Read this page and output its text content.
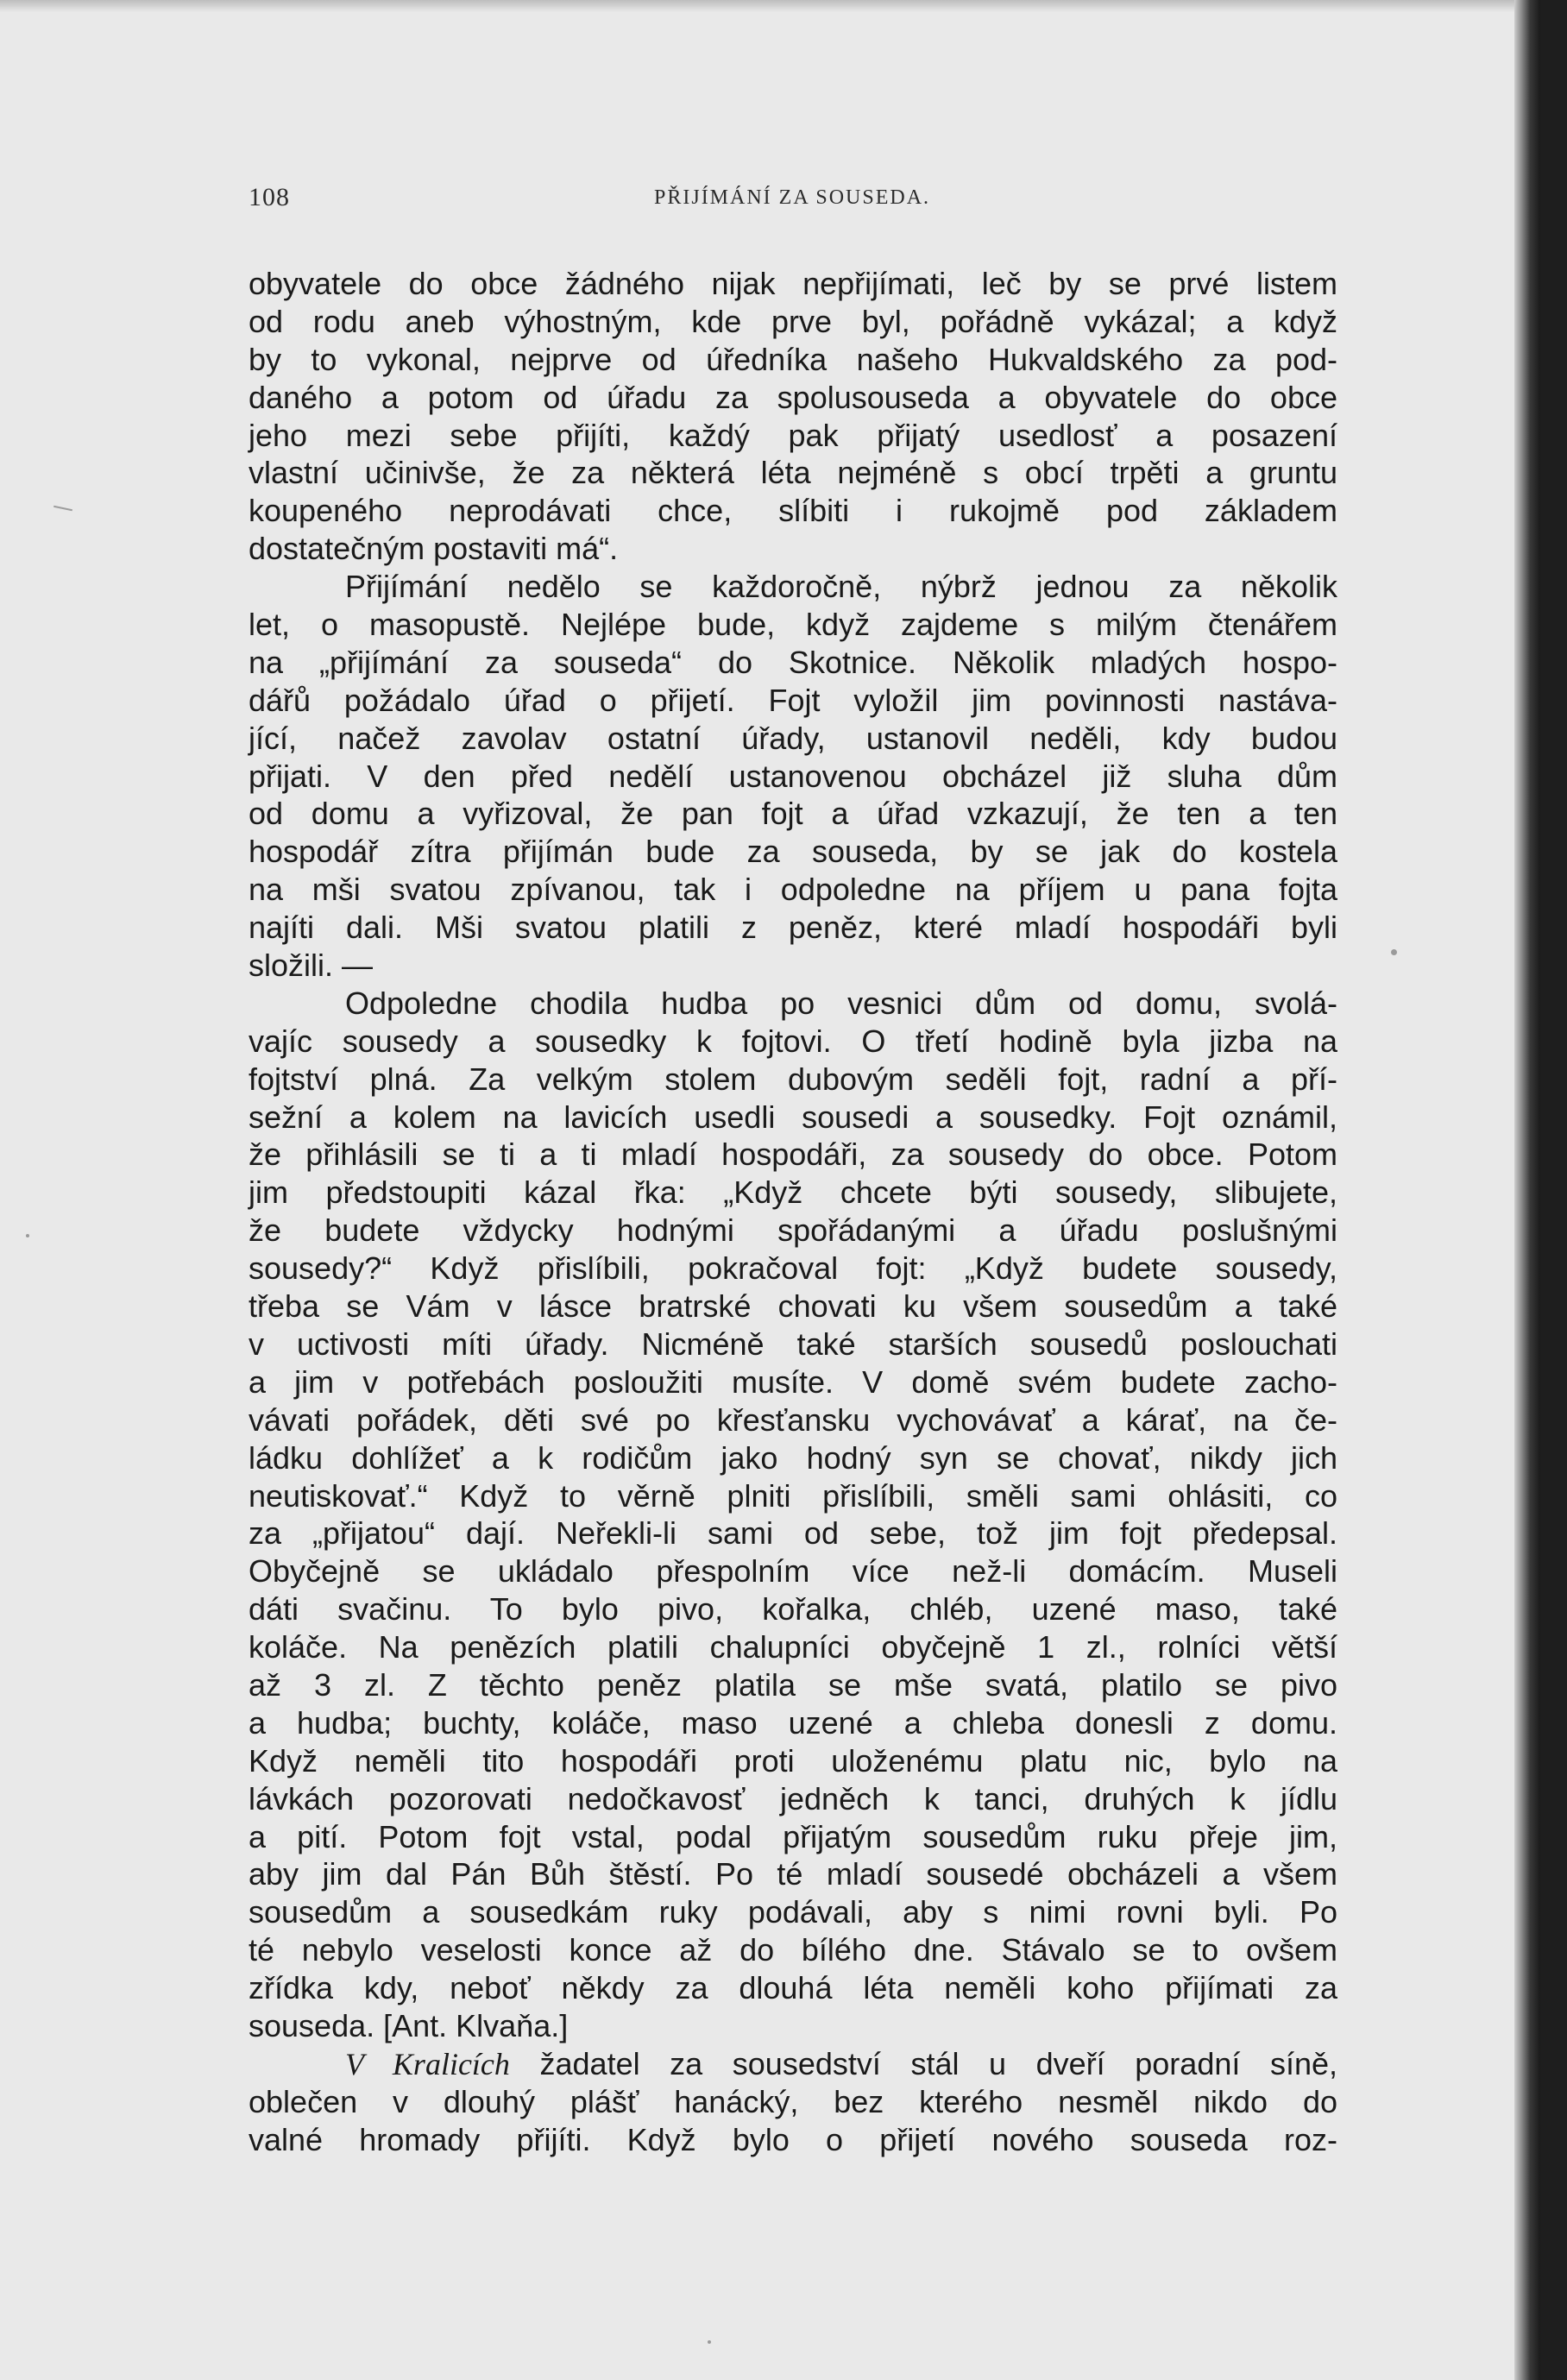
108	PŘIJÍMÁNÍ ZA SOUSEDA.
obyvatele do obce žádného nijak nepřijímati, leč by se prvé listem
od rodu aneb výhostným, kde prve byl, pořádně vykázal; a když
by to vykonal, nejprve od úředníka našeho Hukvaldského za pod-
daného a potom od úřadu za spolusouseda a obyvatele do obce
jeho mezi sebe přijíti, každý pak přijatý usedlosť a posazení
vlastní učinivše, že za některá léta nejméně s obcí trpěti a gruntu
koupeného neprodávati chce, slíbiti i rukojmě pod základem
dostatečným postaviti má“.
Přijímání nedělo se každoročně, nýbrž jednou za několik
let, o masopustě. Nejlépe bude, když zajdeme s milým čtenářem
na „přijímání za souseda“ do Skotnice. Několik mladých hospo-
dářů požádalo úřad o přijetí. Fojt vyložil jim povinnosti nastáva-
jící, načež zavolav ostatní úřady, ustanovil neděli, kdy budou
přijati. V den před nedělí ustanovenou obcházel již sluha dům
od domu a vyřizoval, že pan fojt a úřad vzkazují, že ten a ten
hospodář zítra přijímán bude za souseda, by se jak do kostela
na mši svatou zpívanou, tak i odpoledne na příjem u pana fojta
najíti dali. Mši svatou platili z peněz, které mladí hospodáři byli
složili. —
Odpoledne chodila hudba po vesnici dům od domu, svolá-
vajíc sousedy a sousedky k fojtovi. O třetí hodině byla jizba na
fojtství plná. Za velkým stolem dubovým seděli fojt, radní a pří-
sežní a kolem na lavicích usedli sousedi a sousedky. Fojt oznámil,
že přihlásili se ti a ti mladí hospodáři, za sousedy do obce. Potom
jim předstoupiti kázal řka: „Když chcete býti sousedy, slibujete,
že budete vždycky hodnými spořádanými a úřadu poslušnými
sousedy?“ Když přislíbili, pokračoval fojt: „Když budete sousedy,
třeba se Vám v lásce bratrské chovati ku všem sousedům a také
v uctivosti míti úřady. Nicméně také starších sousedů poslouchati
a jim v potřebách posloužiti musíte. V domě svém budete zacho-
vávati pořádek, děti své po křesťansku vychovávať a kárať, na če-
ládku dohlížeť a k rodičům jako hodný syn se chovať, nikdy jich
neutiskovať.“ Když to věrně plniti přislíbili, směli sami ohlásiti, co
za „přijatou“ dají. Neřekli-li sami od sebe, tož jim fojt předepsal.
Obyčejně se ukládalo přespolním více než-li domácím. Museli
dáti svačinu. To bylo pivo, kořalka, chléb, uzené maso, také
koláče. Na penězích platili chalupníci obyčejně 1 zl., rolníci větší
až 3 zl. Z těchto peněz platila se mše svatá, platilo se pivo
a hudba; buchty, koláče, maso uzené a chleba donesli z domu.
Když neměli tito hospodáři proti uloženému platu nic, bylo na
lávkách pozorovati nedočkavosť jedněch k tanci, druhých k jídlu
a pití. Potom fojt vstal, podal přijatým sousedům ruku přeje jim,
aby jim dal Pán Bůh štěstí. Po té mladí sousedé obcházeli a všem
sousedům a sousedkám ruky podávali, aby s nimi rovni byli. Po
té nebylo veselosti konce až do bílého dne. Stávalo se to ovšem
zřídka kdy, neboť někdy za dlouhá léta neměli koho přijímati za
souseda. [Ant. Klvaňa.]
V Kralicích žadatel za sousedství stál u dveří poradní síně,
oblečen v dlouhý plášť hanácký, bez kterého nesměl nikdo do
valné hromady přijíti. Když bylo o přijetí nového souseda roz-
